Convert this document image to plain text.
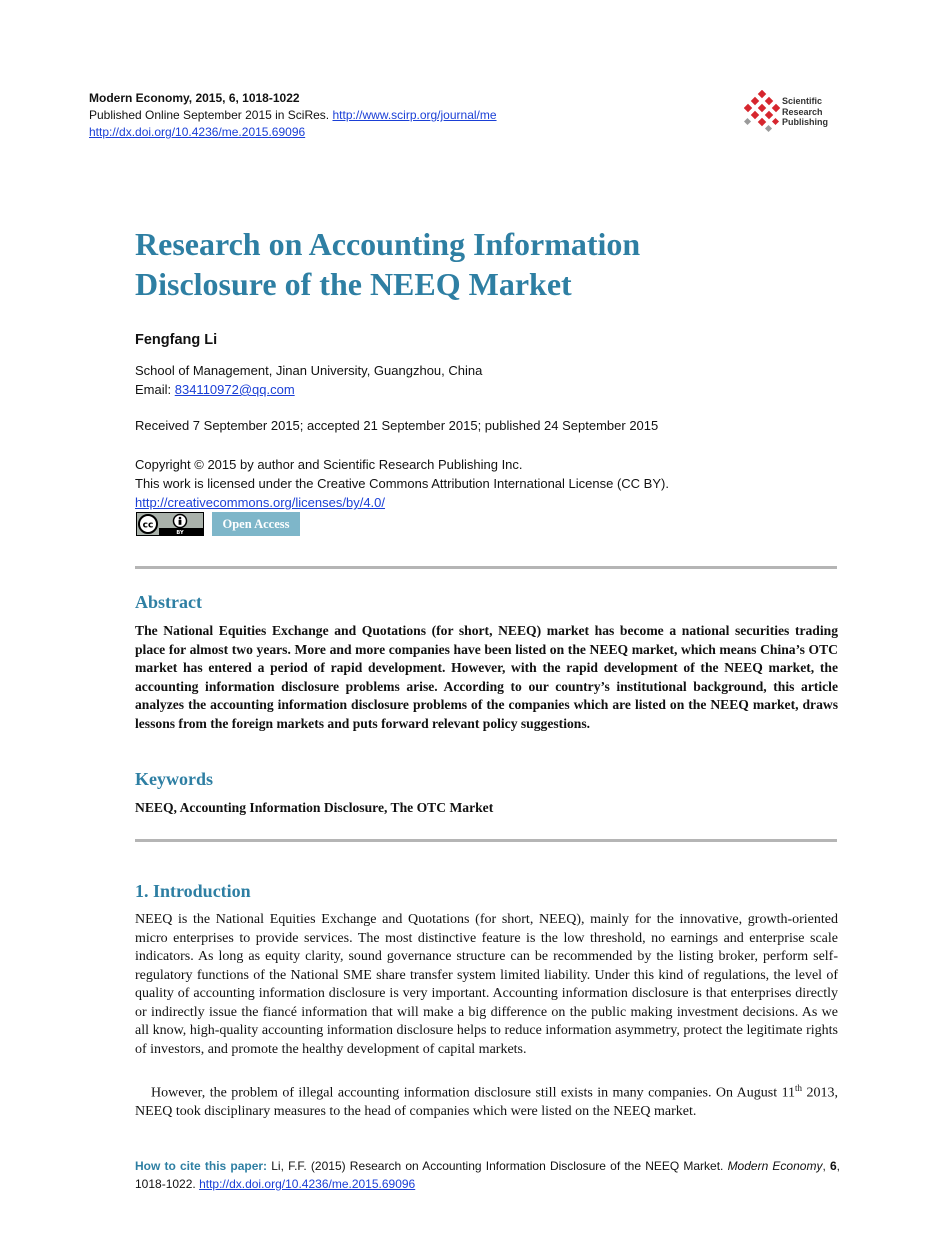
Modern Economy, 2015, 6, 1018-1022
Published Online September 2015 in SciRes. http://www.scirp.org/journal/me
http://dx.doi.org/10.4236/me.2015.69096
Scientific
Research
Publishing
Research on Accounting Information
Disclosure of the NEEQ Market
Fengfang Li
School of Management, Jinan University, Guangzhou, China
Email: 834110972@qq.com
Received 7 September 2015; accepted 21 September 2015; published 24 September 2015
Copyright © 2015 by author and Scientific Research Publishing Inc.
This work is licensed under the Creative Commons Attribution International License (CC BY).
http://creativecommons.org/licenses/by/4.0/
cc
BY
Open Access
Abstract

The National Equities Exchange and Quotations (for short, NEEQ) market has become a national securities trading place for almost two years. More and more companies have been listed on the NEEQ market, which means China’s OTC market has entered a period of rapid development. However, with the rapid development of the NEEQ market, the accounting information disclosure problems arise. According to our country’s institutional background, this article analyzes the accounting information disclosure problems of the companies which are listed on the NEEQ market, draws lessons from the foreign markets and puts forward relevant policy suggestions.

Keywords
NEEQ, Accounting Information Disclosure, The OTC Market
1. Introduction

NEEQ is the National Equities Exchange and Quotations (for short, NEEQ), mainly for the innovative, growth-oriented micro enterprises to provide services. The most distinctive feature is the low threshold, no earnings and enterprise scale indicators. As long as equity clarity, sound governance structure can be recommended by the listing broker, perform self-regulatory functions of the National SME share transfer system limited liability. Under this kind of regulations, the level of quality of accounting information disclosure is very important. Accounting information disclosure is that enterprises directly or indirectly issue the fiancé information that will make a big difference on the public making investment decisions. As we all know, high-quality accounting information disclosure helps to reduce information asymmetry, protect the legitimate rights of investors, and promote the healthy development of capital markets.

However, the problem of illegal accounting information disclosure still exists in many companies. On August 11th 2013, NEEQ took disciplinary measures to the head of companies which were listed on the NEEQ market.

How to cite this paper: Li, F.F. (2015) Research on Accounting Information Disclosure of the NEEQ Market. Modern Economy, 6, 1018-1022. http://dx.doi.org/10.4236/me.2015.69096
